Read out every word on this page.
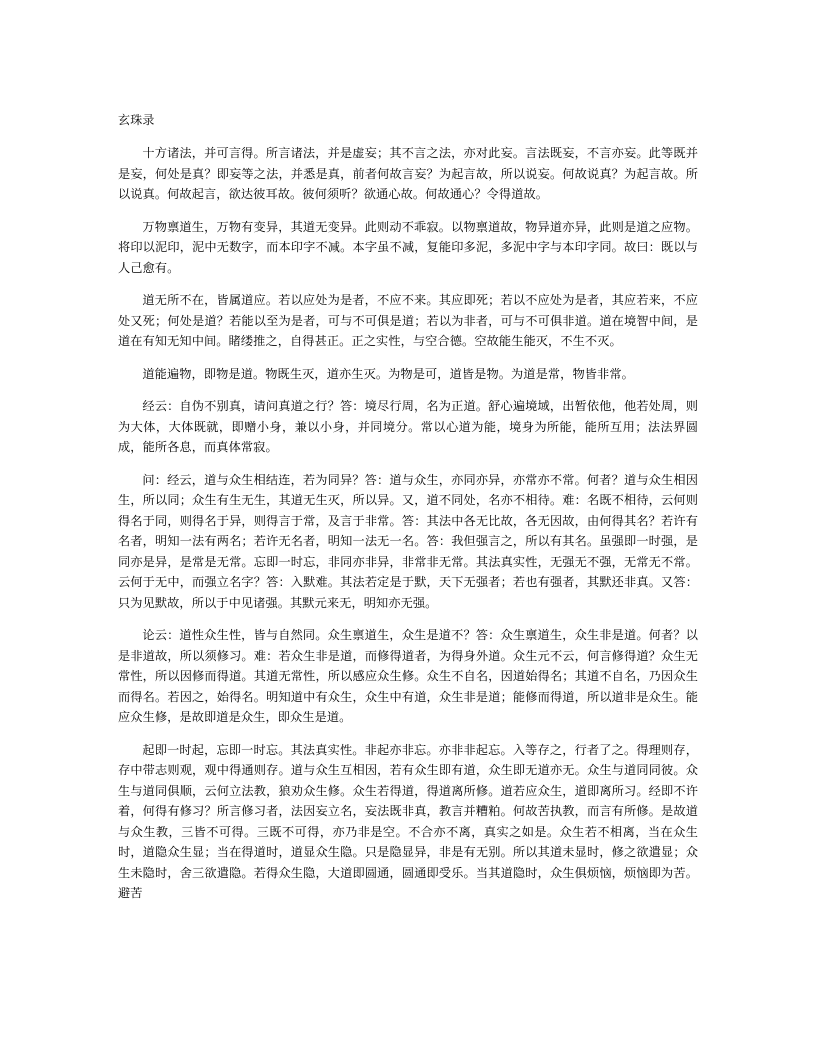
玄珠录

十方诸法，并可言得。所言诸法，并是虚妄；其不言之法，亦对此妄。言法既妄，不言亦妄。此等既并是妄，何处是真？即妄等之法，并悉是真，前者何故言妄？为起言故，所以说妄。何故说真？为起言故。所以说真。何故起言，欲达彼耳故。彼何须听？欲通心故。何故通心？令得道故。

万物禀道生，万物有变异，其道无变异。此则动不乖寂。以物禀道故，物异道亦异，此则是道之应物。将印以泥印，泥中无数字，而本印字不减。本字虽不减，复能印多泥，多泥中字与本印字同。故曰：既以与人己愈有。

道无所不在，皆属道应。若以应处为是者，不应不来。其应即死；若以不应处为是者，其应若来，不应处又死；何处是道？若能以至为是者，可与不可俱是道；若以为非者，可与不可俱非道。道在境智中间，是道在有知无知中间。睹缕推之，自得甚正。正之实性，与空合德。空故能生能灭，不生不灭。

道能遍物，即物是道。物既生灭，道亦生灭。为物是可，道皆是物。为道是常，物皆非常。

经云：自伪不别真，请问真道之行？答：境尽行周，名为正道。舒心遍境域，出暂依他，他若处周，则为大体，大体既就，即赠小身，兼以小身，并同境分。常以心道为能，境身为所能，能所互用；法法界圆成，能所各息，而真体常寂。

问：经云，道与众生相结连，若为同异？答：道与众生，亦同亦异，亦常亦不常。何者？道与众生相因生，所以同；众生有生无生，其道无生灭，所以异。又，道不同处，名亦不相待。难：名既不相待，云何则得名于同，则得名于异，则得言于常，及言于非常。答：其法中各无比故，各无因故，由何得其名？若许有名者，明知一法有两名；若许无名者，明知一法无一名。答：我但强言之，所以有其名。虽强即一时强，是同亦是异，是常是无常。忘即一时忘，非同亦非异，非常非无常。其法真实性，无强无不强，无常无不常。云何于无中，而强立名字？答：入默难。其法若定是于默，天下无强者；若也有强者，其默还非真。又答：只为见默故，所以于中见诸强。其默元来无，明知亦无强。

论云：道性众生性，皆与自然同。众生禀道生，众生是道不？答：众生禀道生，众生非是道。何者？以是非道故，所以须修习。难：若众生非是道，而修得道者，为得身外道。众生元不云，何言修得道？众生无常性，所以因修而得道。其道无常性，所以感应众生修。众生不自名，因道始得名；其道不自名，乃因众生而得名。若因之，始得名。明知道中有众生，众生中有道，众生非是道；能修而得道，所以道非是众生。能应众生修，是故即道是众生，即众生是道。

起即一时起，忘即一时忘。其法真实性。非起亦非忘。亦非非起忘。入等存之，行者了之。得理则存，存中带志则观，观中得通则存。道与众生互相因，若有众生即有道，众生即无道亦无。众生与道同同彼。众生与道同俱顺，云何立法教，狼劝众生修。众生若得道，得道离所修。道若应众生，道即离所习。经即不许着，何得有修习？所言修习者，法因妄立名，妄法既非真，教言并糟粕。何故苦执教，而言有所修。是故道与众生教，三皆不可得。三既不可得，亦乃非是空。不合亦不离，真实之如是。众生若不相离，当在众生时，道隐众生显；当在得道时，道显众生隐。只是隐显异，非是有无别。所以其道未显时，修之欲遣显；众生未隐时，舍三欲遣隐。若得众生隐，大道即圆通，圆通即受乐。当其道隐时，众生俱烦恼，烦恼即为苦。避苦
